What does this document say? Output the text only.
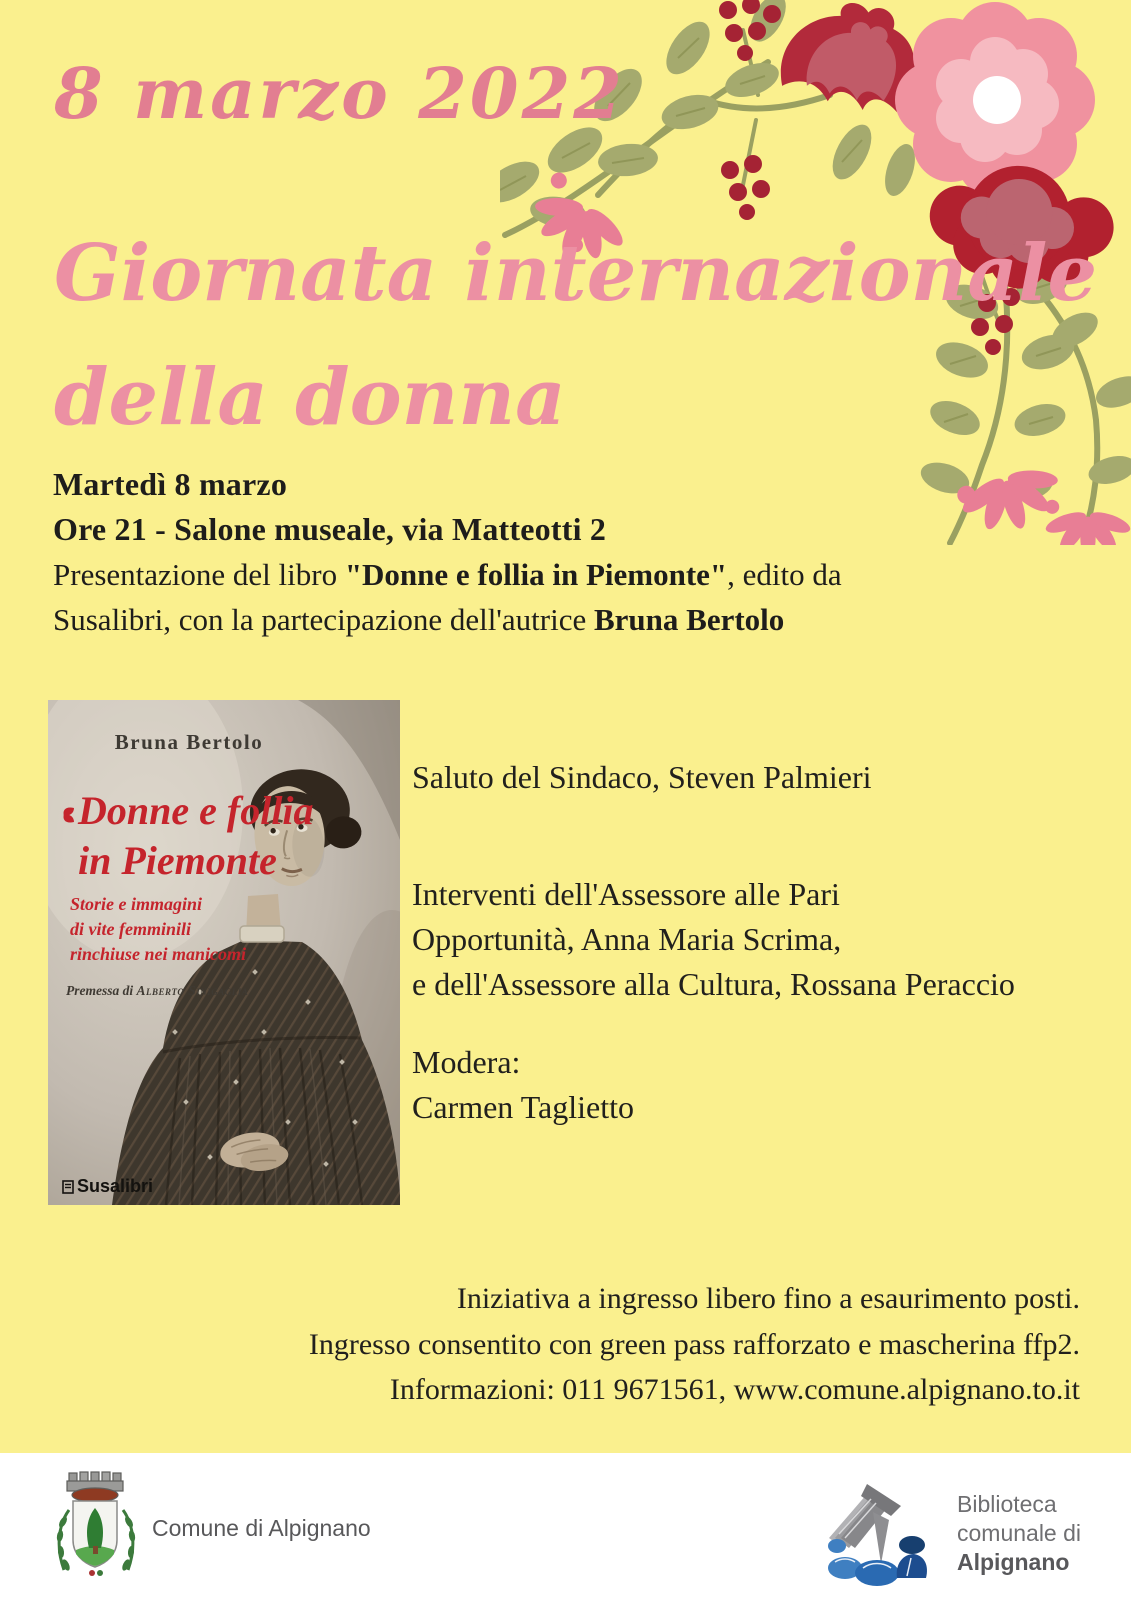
8 marzo 2022
Giornata internazionale
della donna
Martedì 8 marzo
Ore 21 - Salone museale, via Matteotti 2
Presentazione del libro "Donne e follia in Piemonte", edito da
Susalibri, con la partecipazione dell'autrice Bruna Bertolo
Bruna Bertolo
Donne e follia
in Piemonte
Storie e immagini
di vite femminili
rinchiuse nei manicomi
Premessa di Alberto Sinigaglia
Susalibri
Saluto del Sindaco, Steven Palmieri
Interventi dell'Assessore alle Pari
Opportunità, Anna Maria Scrima,
e dell'Assessore alla Cultura, Rossana Peraccio
Modera:
Carmen Taglietto
Iniziativa a ingresso libero fino a esaurimento posti.
Ingresso consentito con green pass rafforzato e mascherina ffp2.
Informazioni: 011 9671561, www.comune.alpignano.to.it
Comune di Alpignano
Biblioteca
comunale di
Alpignano
